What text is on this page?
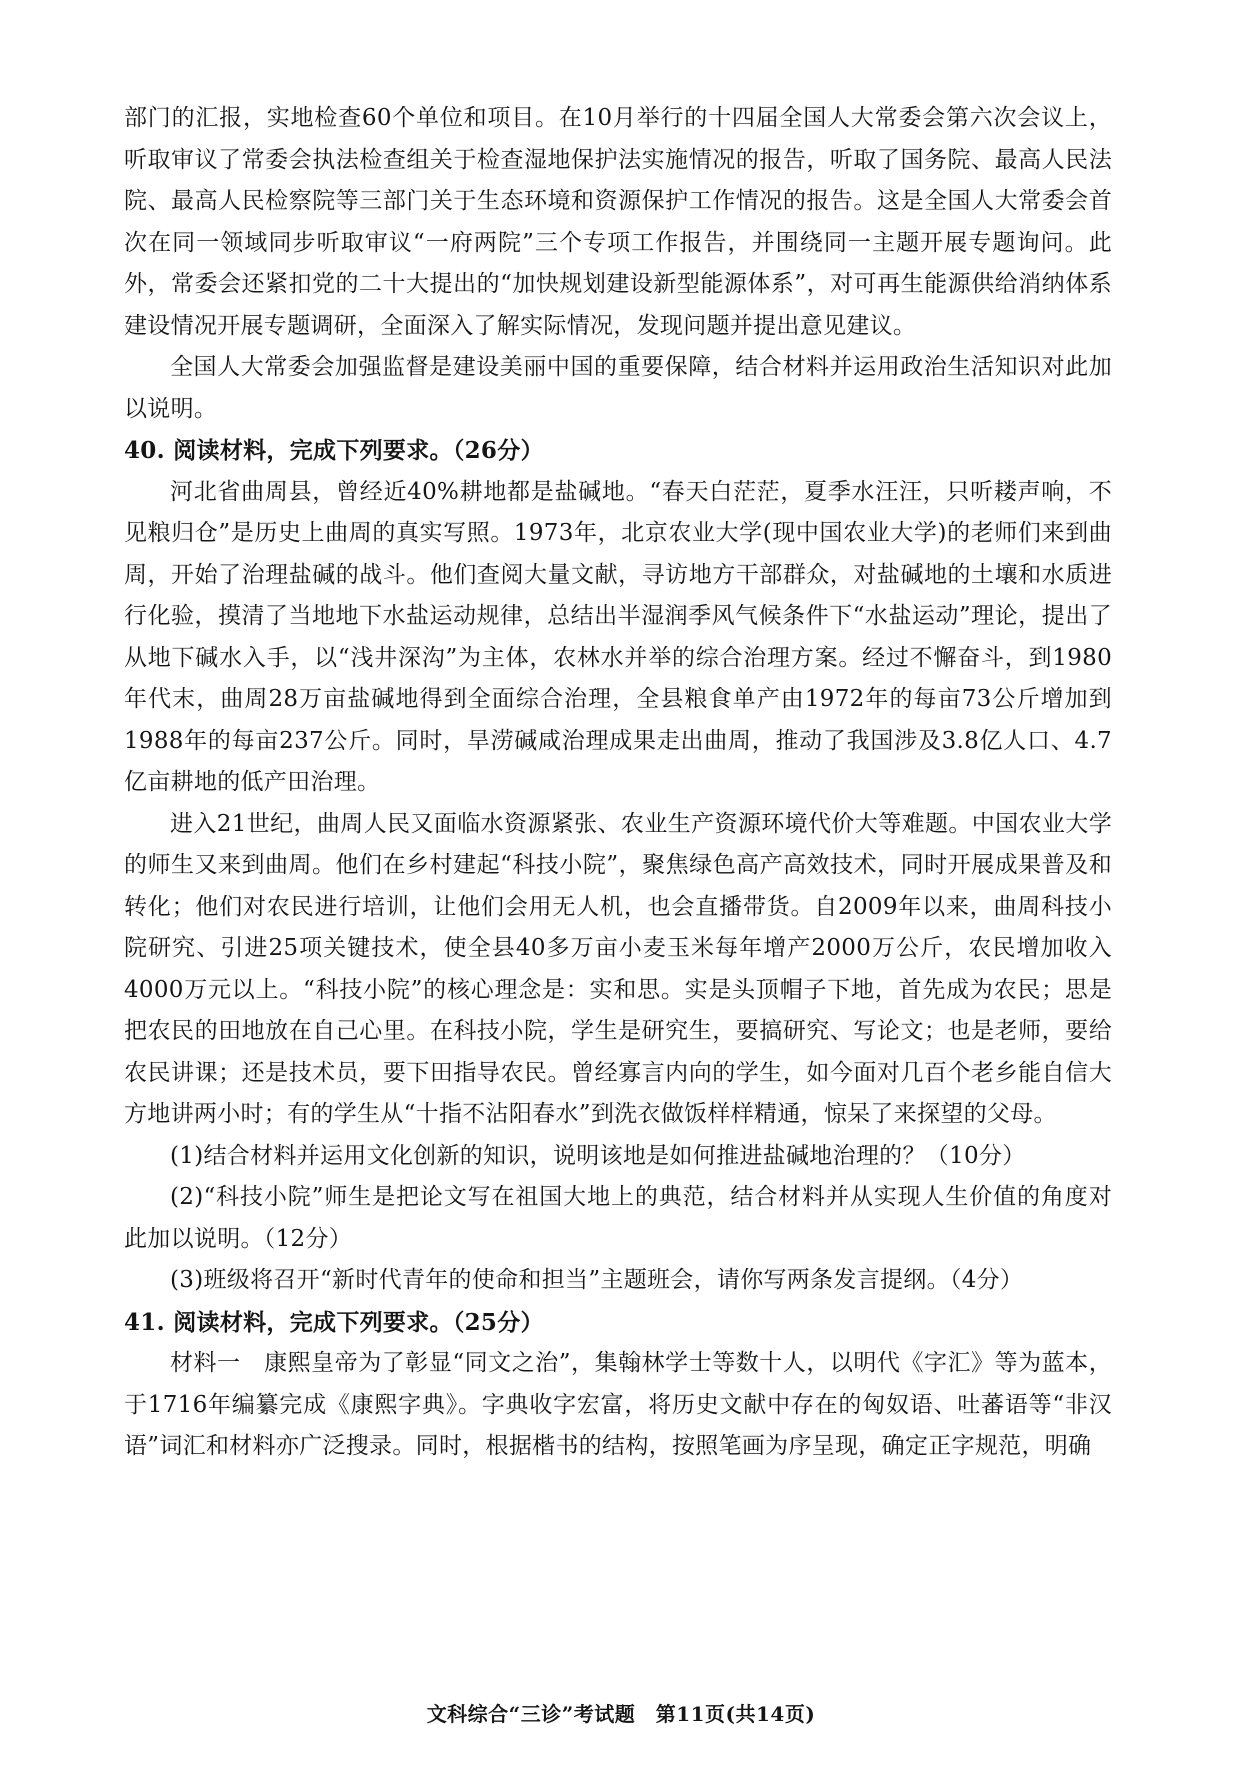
部门的汇报，实地检查60个单位和项目。在10月举行的十四届全国人大常委会第六次会议上，听取审议了常委会执法检查组关于检查湿地保护法实施情况的报告，听取了国务院、最高人民法院、最高人民检察院等三部门关于生态环境和资源保护工作情况的报告。这是全国人大常委会首次在同一领域同步听取审议“一府两院”三个专项工作报告，并围绕同一主题开展专题询问。此外，常委会还紧扣党的二十大提出的“加快规划建设新型能源体系”，对可再生能源供给消纳体系建设情况开展专题调研，全面深入了解实际情况，发现问题并提出意见建议。

全国人大常委会加强监督是建设美丽中国的重要保障，结合材料并运用政治生活知识对此加以说明。

40. 阅读材料，完成下列要求。（26分）

河北省曲周县，曾经近40%耕地都是盐碱地。“春天白茫茫，夏季水汪汪，只听耧声响，不见粮归仓”是历史上曲周的真实写照。1973年，北京农业大学(现中国农业大学)的老师们来到曲周，开始了治理盐碱的战斗。他们查阅大量文献，寻访地方干部群众，对盐碱地的土壤和水质进行化验，摸清了当地地下水盐运动规律，总结出半湿润季风气候条件下“水盐运动”理论，提出了从地下碱水入手，以“浅井深沟”为主体，农林水并举的综合治理方案。经过不懈奋斗，到1980年代末，曲周28万亩盐碱地得到全面综合治理，全县粮食单产由1972年的每亩73公斤增加到1988年的每亩237公斤。同时，旱涝碱咸治理成果走出曲周，推动了我国涉及3.8亿人口、4.7亿亩耕地的低产田治理。

进入21世纪，曲周人民又面临水资源紧张、农业生产资源环境代价大等难题。中国农业大学的师生又来到曲周。他们在乡村建起“科技小院”，聚焦绿色高产高效技术，同时开展成果普及和转化；他们对农民进行培训，让他们会用无人机，也会直播带货。自2009年以来，曲周科技小院研究、引进25项关键技术，使全县40多万亩小麦玉米每年增产2000万公斤，农民增加收入4000万元以上。“科技小院”的核心理念是：实和思。实是头顶帽子下地，首先成为农民；思是把农民的田地放在自己心里。在科技小院，学生是研究生，要搞研究、写论文；也是老师，要给农民讲课；还是技术员，要下田指导农民。曾经寡言内向的学生，如今面对几百个老乡能自信大方地讲两小时；有的学生从“十指不沾阳春水”到洗衣做饭样样精通，惊呆了来探望的父母。

(1)结合材料并运用文化创新的知识，说明该地是如何推进盐碱地治理的？（10分）

(2)“科技小院”师生是把论文写在祖国大地上的典范，结合材料并从实现人生价值的角度对此加以说明。（12分）

(3)班级将召开“新时代青年的使命和担当”主题班会，请你写两条发言提纲。（4分）

41. 阅读材料，完成下列要求。（25分）

材料一　康熙皇帝为了彰显“同文之治”，集翰林学士等数十人，以明代《字汇》等为蓝本，于1716年编纂完成《康熙字典》。字典收字宏富，将历史文献中存在的匈奴语、吐蕃语等“非汉语”词汇和材料亦广泛搜录。同时，根据楷书的结构，按照笔画为序呈现，确定正字规范，明确

文科综合“三诊”考试题　第11页(共14页)
